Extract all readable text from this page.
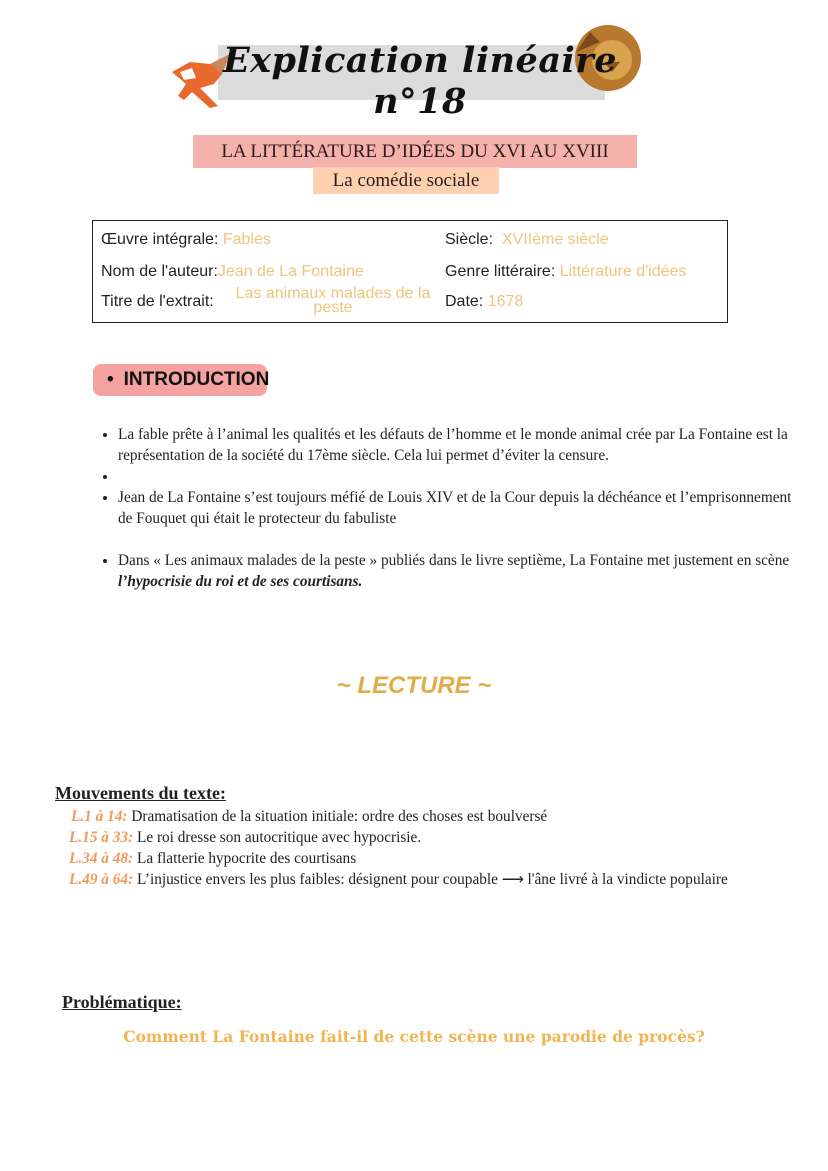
Explication linéaire n°18
LA LITTÉRATURE D’IDÉES DU XVI AU XVIII
La comédie sociale
Œuvre intégrale: Fables
Nom de l'auteur:Jean de La Fontaine
Titre de l'extrait:	Las animaux malades de la
peste
Siècle: XVIIème siècle
Genre littéraire: Littérature d'idées
Date: 1678
• INTRODUCTION
• La fable prête à l’animal les qualités et les défauts de l’homme et le monde animal crée par La Fontaine est la représentation de la société du 17ème siècle. Cela lui permet d’éviter la censure.
•
• Jean de La Fontaine s’est toujours méfié de Louis XIV et de la Cour depuis la déchéance et l’emprisonnement de Fouquet qui était le protecteur du fabuliste
• Dans « Les animaux malades de la peste » publiés dans le livre septième, La Fontaine met justement en scène l’hypocrisie du roi et de ses courtisans.
~ LECTURE ~
Mouvements du texte:
L.1 à 14: Dramatisation de la situation initiale: ordre des choses est boulversé
L.15 à 33: Le roi dresse son autocritique avec hypocrisie.
L.34 à 48: La flatterie hypocrite des courtisans
L.49 à 64: L’injustice envers les plus faibles: désignent pour coupable ⟶ l'âne livré à la vindicte populaire
Problématique:
Comment La Fontaine fait-il de cette scène une parodie de procès?
